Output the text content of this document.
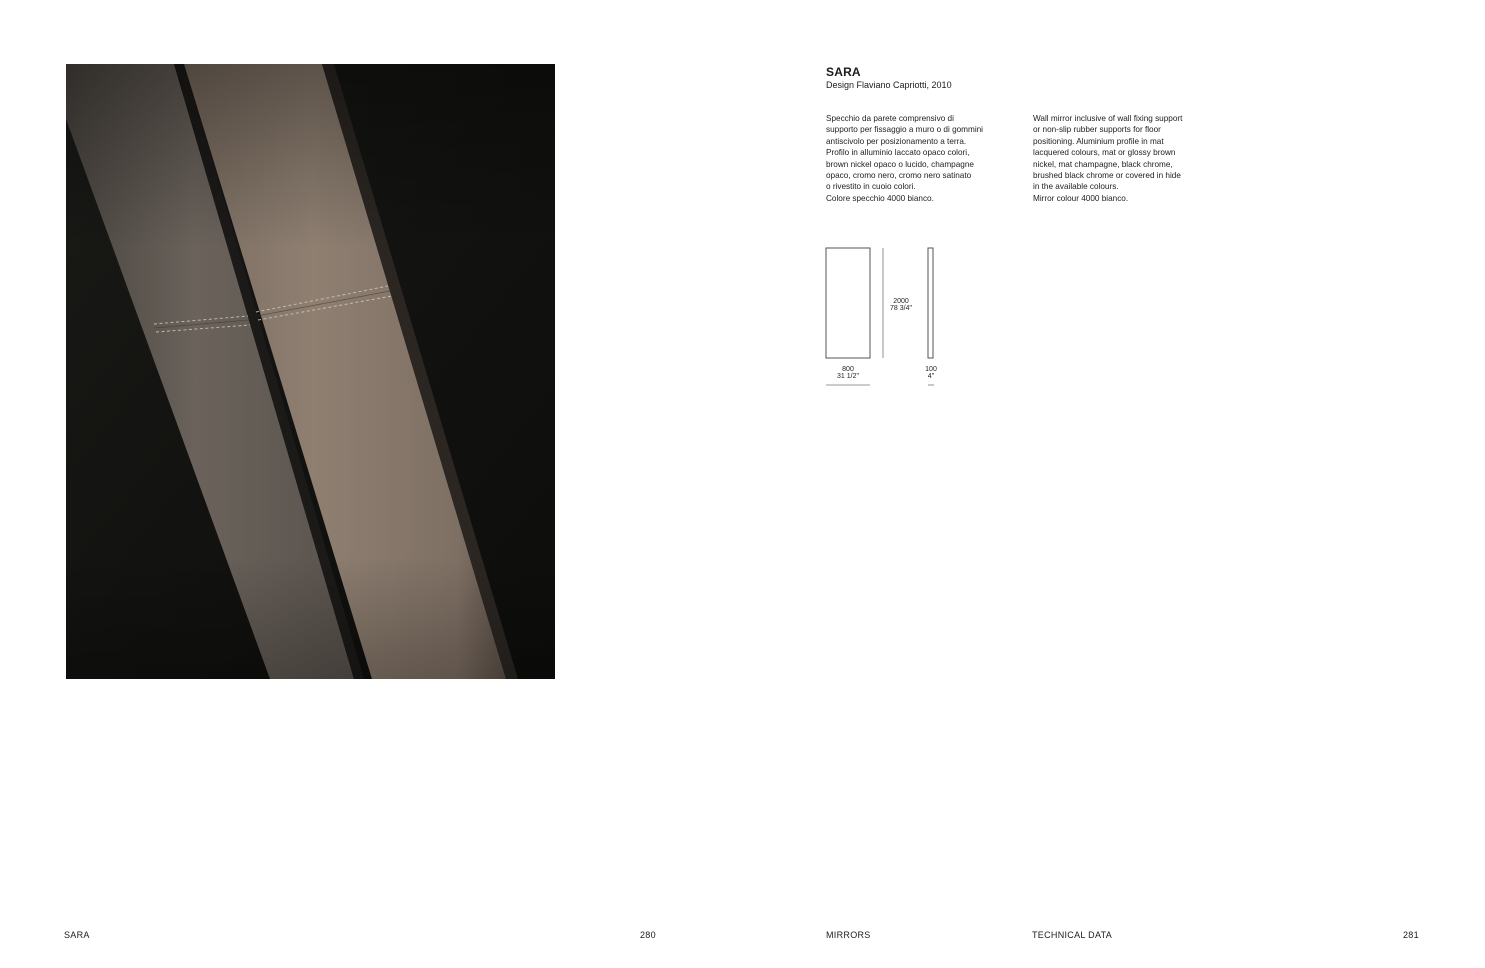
SARA

Design Flaviano Capriotti, 2010

Specchio da parete comprensivo di
supporto per fissaggio a muro o di gommini
antiscivolo per posizionamento a terra.
Profilo in alluminio laccato opaco colori,
brown nickel opaco o lucido, champagne
opaco, cromo nero, cromo nero satinato
o rivestito in cuoio colori.
Colore specchio 4000 bianco.

Wall mirror inclusive of wall fixing support
or non-slip rubber supports for floor
positioning. Aluminium profile in mat
lacquered colours, mat or glossy brown
nickel, mat champagne, black chrome,
brushed black chrome or covered in hide
in the available colours.
Mirror colour 4000 bianco.

2000

78 3/4"

800

31 1/2"

100

4"

SARA	280	MIRRORS	TECHNICAL DATA	281
